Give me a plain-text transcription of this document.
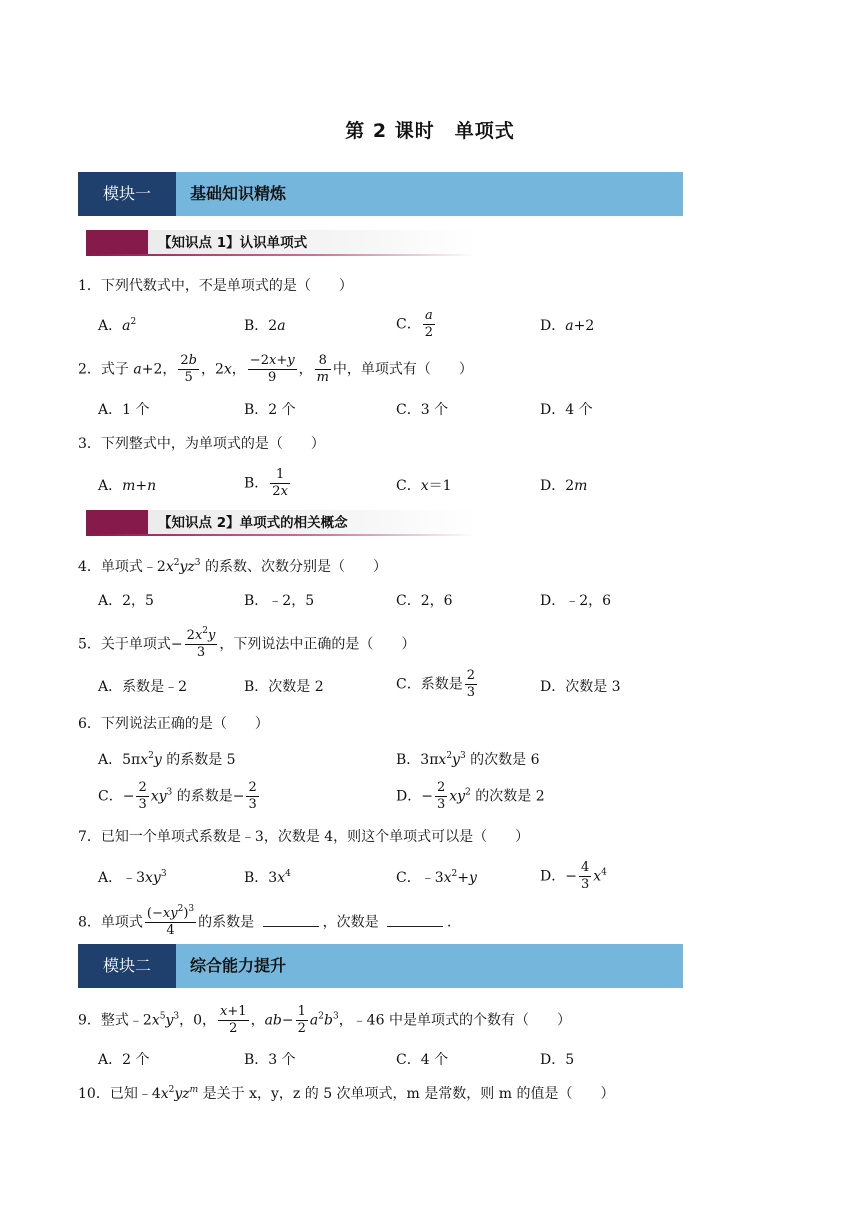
第 2 课时　单项式
模块一	基础知识精炼
【知识点 1】认识单项式
1．下列代数式中，不是单项式的是（　　）
A．$a^2$	B．2a	C． $\frac{a}{2}$	D．a+2
2．式子 a+2， $\frac{2b}{5}$ ，2x， $\frac{-2x+y}{9}$ ， $\frac{8}{m}$ 中，单项式有（　　）
A．1 个	B．2 个	C．3 个	D．4 个
3．下列整式中，为单项式的是（　　）
A．m+n	B． $\frac{1}{2x}$	C．x＝1	D．2m
【知识点 2】单项式的相关概念
4．单项式$﹣2x^2yz^3$ 的系数、次数分别是（　　）
A．2，5	B．﹣2，5	C．2，6	D．﹣2，6
5．关于单项式− $\frac{2x^2y}{3}$ ，下列说法中正确的是（　　）
A．系数是﹣2	B．次数是 2	C．系数是 $\frac{2}{3}$	D．次数是 3
6．下列说法正确的是（　　）
A．$5\pi x^2y$ 的系数是 5	B．$3\pi x^2y^3$ 的次数是 6
C．− $\frac{2}{3} xy^3$ 的系数是− $\frac{2}{3}$	D．− $\frac{2}{3} xy^2$ 的次数是 2
7．已知一个单项式系数是﹣3，次数是 4，则这个单项式可以是（　　）
A．$﹣3xy^3$	B．$3x^4$	C．$﹣3x^2+y$	D．− $\frac{4}{3} x^4$
8．单项式 $\frac{(-xy^2)^3}{4}$ 的系数是	，次数是	．
模块二	综合能力提升
9．整式$﹣2x^5y^3$，0， $\frac{x+1}{2}$ ，$ab- \frac{1}{2} a^2b^3$，﹣46 中是单项式的个数有（　　）
A．2 个	B．3 个	C．4 个	D．5
10．已知$﹣4x^2yz^m$ 是关于 x，y，z 的 5 次单项式，m 是常数，则 m 的值是（　　）
